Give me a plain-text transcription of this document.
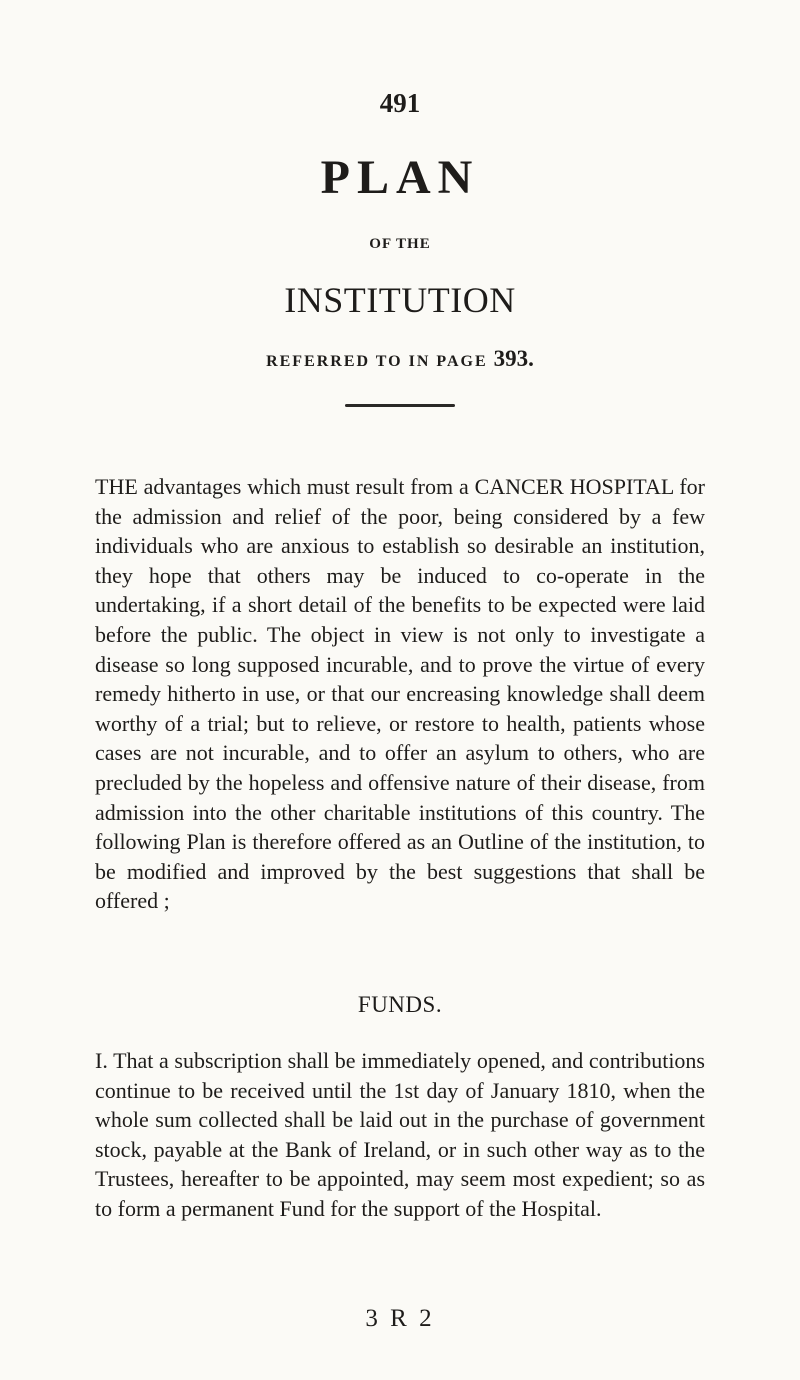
491
PLAN
OF THE
INSTITUTION
REFERRED TO IN PAGE 393.

THE advantages which must result from a CANCER HOSPITAL for the admission and relief of the poor, being considered by a few individuals who are anxious to establish so desirable an institution, they hope that others may be induced to co-operate in the undertaking, if a short detail of the benefits to be expected were laid before the public. The object in view is not only to investigate a disease so long supposed incurable, and to prove the virtue of every remedy hitherto in use, or that our encreasing knowledge shall deem worthy of a trial; but to relieve, or restore to health, patients whose cases are not incurable, and to offer an asylum to others, who are precluded by the hopeless and offensive nature of their disease, from admission into the other charitable institutions of this country. The following Plan is therefore offered as an Outline of the institution, to be modified and improved by the best suggestions that shall be offered ;

FUNDS.

I. That a subscription shall be immediately opened, and contributions continue to be received until the 1st day of January 1810, when the whole sum collected shall be laid out in the purchase of government stock, payable at the Bank of Ireland, or in such other way as to the Trustees, hereafter to be appointed, may seem most expedient; so as to form a permanent Fund for the support of the Hospital.

3 R 2
